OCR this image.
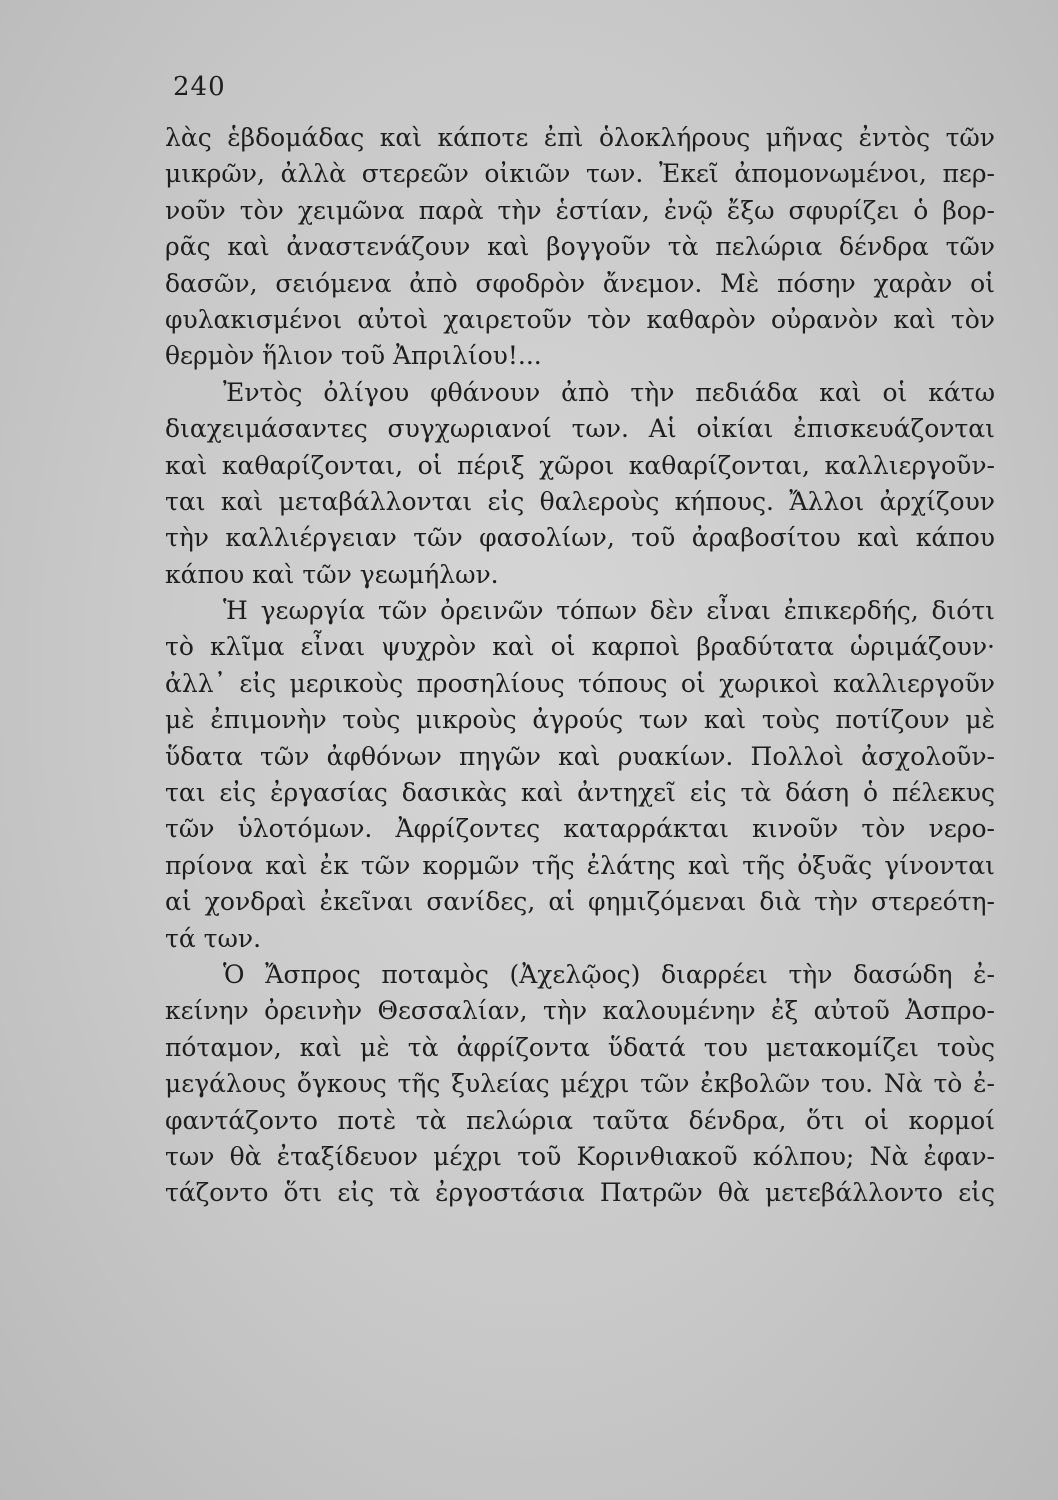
240
λὰς ἑβδομάδας καὶ κάποτε ἐπὶ ὁλοκλήρους μῆνας ἐντὸς τῶν
μικρῶν, ἀλλὰ στερεῶν οἰκιῶν των. Ἐκεῖ ἀπομονωμένοι, περ-
νοῦν τὸν χειμῶνα παρὰ τὴν ἑστίαν, ἐνῷ ἔξω σφυρίζει ὁ βορ-
ρᾶς καὶ ἀναστενάζουν καὶ βογγοῦν τὰ πελώρια δένδρα τῶν
δασῶν, σειόμενα ἀπὸ σφοδρὸν ἄνεμον. Μὲ πόσην χαρὰν οἱ
φυλακισμένοι αὐτοὶ χαιρετοῦν τὸν καθαρὸν οὐρανὸν καὶ τὸν
θερμὸν ἥλιον τοῦ Ἀπριλίου!...
Ἐντὸς ὀλίγου φθάνουν ἀπὸ τὴν πεδιάδα καὶ οἱ κάτω
διαχειμάσαντες συγχωριανοί των. Αἱ οἰκίαι ἐπισκευάζονται
καὶ καθαρίζονται, οἱ πέριξ χῶροι καθαρίζονται, καλλιεργοῦν-
ται καὶ μεταβάλλονται εἰς θαλεροὺς κήπους. Ἄλλοι ἀρχίζουν
τὴν καλλιέργειαν τῶν φασολίων, τοῦ ἀραβοσίτου καὶ κάπου
κάπου καὶ τῶν γεωμήλων.
Ἡ γεωργία τῶν ὀρεινῶν τόπων δὲν εἶναι ἐπικερδής, διότι
τὸ κλῖμα εἶναι ψυχρὸν καὶ οἱ καρποὶ βραδύτατα ὡριμάζουν·
ἀλλ᾽ εἰς μερικοὺς προσηλίους τόπους οἱ χωρικοὶ καλλιεργοῦν
μὲ ἐπιμονὴν τοὺς μικροὺς ἀγρούς των καὶ τοὺς ποτίζουν μὲ
ὕδατα τῶν ἀφθόνων πηγῶν καὶ ρυακίων. Πολλοὶ ἀσχολοῦν-
ται εἰς ἐργασίας δασικὰς καὶ ἀντηχεῖ εἰς τὰ δάση ὁ πέλεκυς
τῶν ὑλοτόμων. Ἀφρίζοντες καταρράκται κινοῦν τὸν νερο-
πρίονα καὶ ἐκ τῶν κορμῶν τῆς ἐλάτης καὶ τῆς ὀξυᾶς γίνονται
αἱ χονδραὶ ἐκεῖναι σανίδες, αἱ φημιζόμεναι διὰ τὴν στερεότη-
τά των.
Ὁ Ἄσπρος ποταμὸς (Ἀχελῷος) διαρρέει τὴν δασώδη ἐ-
κείνην ὀρεινὴν Θεσσαλίαν, τὴν καλουμένην ἐξ αὐτοῦ Ἀσπρο-
πόταμον, καὶ μὲ τὰ ἀφρίζοντα ὕδατά του μετακομίζει τοὺς
μεγάλους ὄγκους τῆς ξυλείας μέχρι τῶν ἐκβολῶν του. Νὰ τὸ ἐ-
φαντάζοντο ποτὲ τὰ πελώρια ταῦτα δένδρα, ὅτι οἱ κορμοί
των θὰ ἐταξίδευον μέχρι τοῦ Κορινθιακοῦ κόλπου; Νὰ ἐφαν-
τάζοντο ὅτι εἰς τὰ ἐργοστάσια Πατρῶν θὰ μετεβάλλοντο εἰς
